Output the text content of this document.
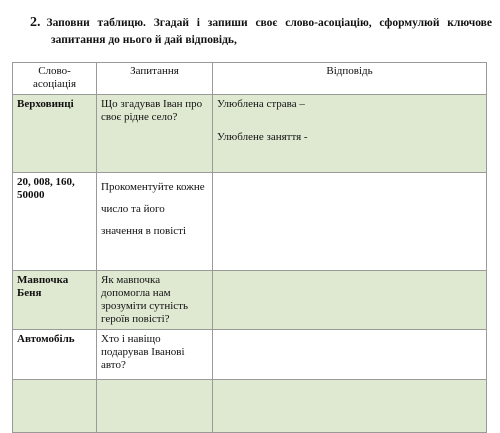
2. Заповни таблицю. Згадай і запиши своє слово-асоціацію, сформулюй ключове
запитання до нього й дай відповідь,
Слово-асоціація	Запитання	Відповідь
Верховинці	Що згадував Іван про своє рідне село?	Улюблена страва –
Улюблене заняття -

20, 008, 160, 50000	Прокоментуйте кожне число та його значення в повісті	
Мавпочка Беня	Як мавпочка допомогла нам зрозуміти сутність героїв повісті?	
Автомобіль	Хто і навіщо подарував Іванові авто?	
